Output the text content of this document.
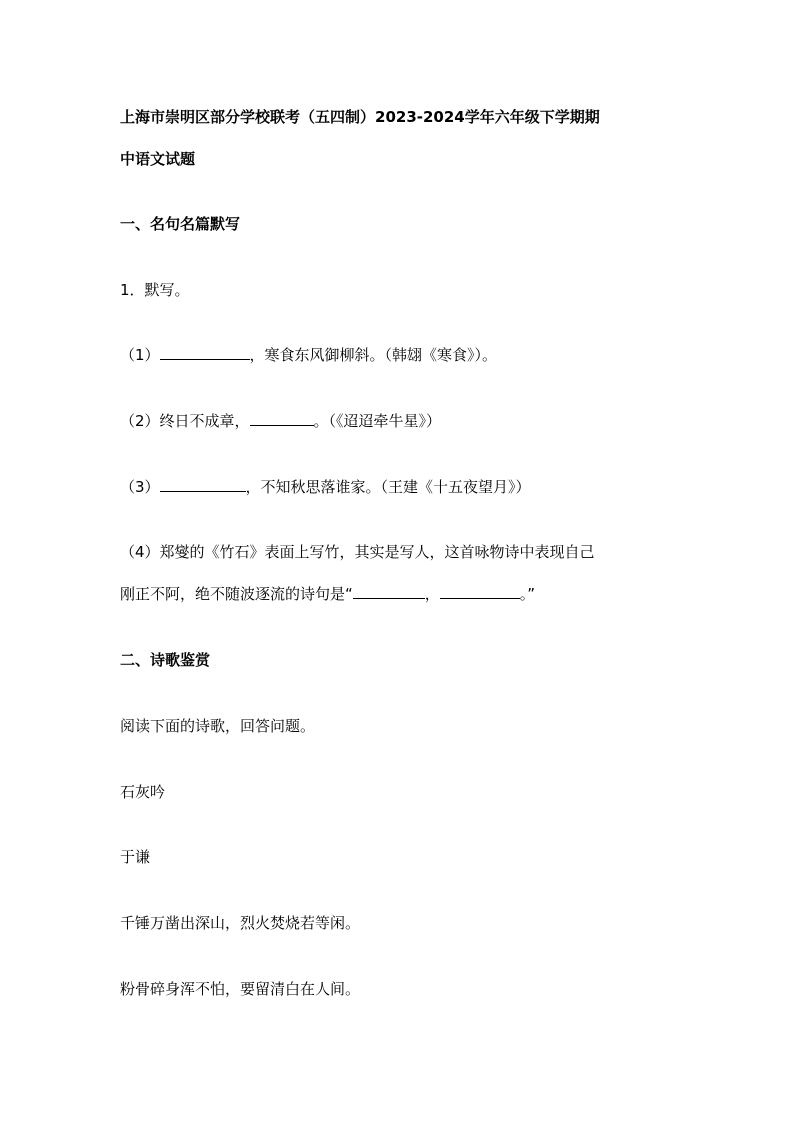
上海市崇明区部分学校联考（五四制）2023-2024学年六年级下学期期
中语文试题
一、名句名篇默写
1．默写。
（1）	，寒食东风御柳斜。（韩翃《寒食》）。
（2）终日不成章，	。（《迢迢牵牛星》）
（3）	，不知秋思落谁家。（王建《十五夜望月》）
（4）郑燮的《竹石》表面上写竹，其实是写人，这首咏物诗中表现自己
刚正不阿，绝不随波逐流的诗句是“	，	。”
二、诗歌鉴赏
阅读下面的诗歌，回答问题。
石灰吟
于谦
千锤万凿出深山，烈火焚烧若等闲。
粉骨碎身浑不怕，要留清白在人间。
